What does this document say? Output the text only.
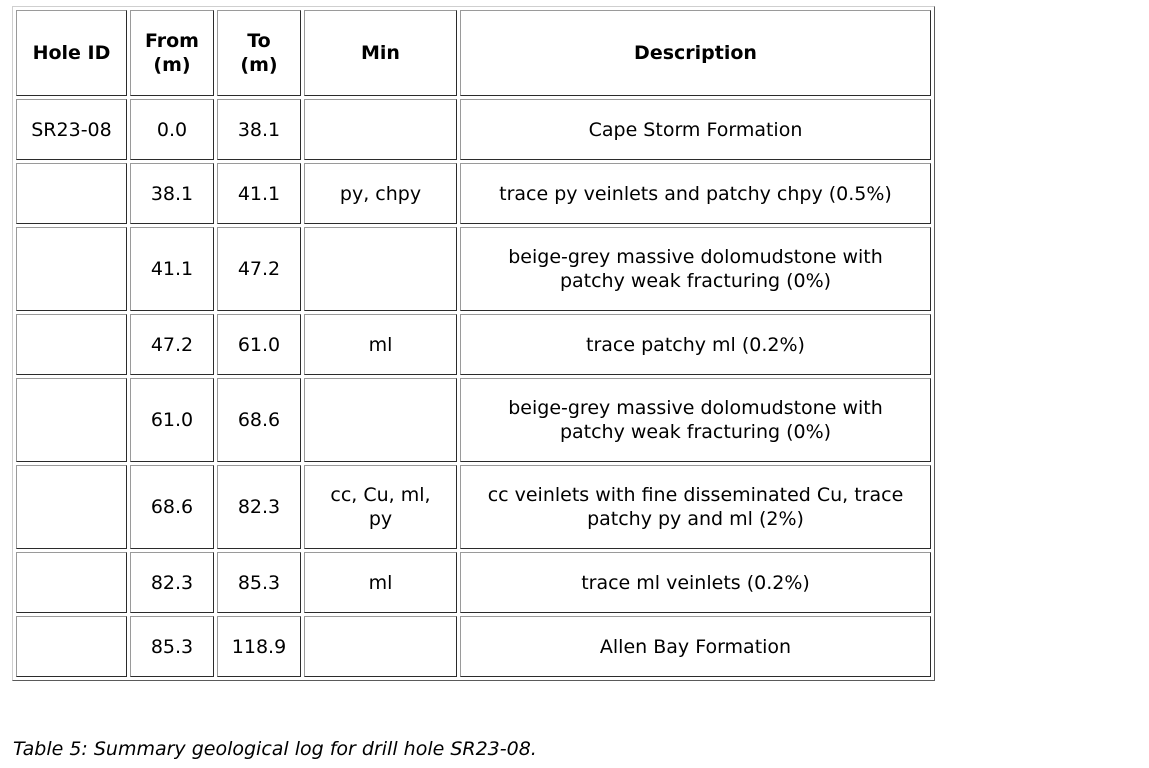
Hole ID	From (m)	To (m)	Min	Description
SR23-08	0.0	38.1		Cape Storm Formation
	38.1	41.1	py, chpy	trace py veinlets and patchy chpy (0.5%)
	41.1	47.2		beige-grey massive dolomudstone with patchy weak fracturing (0%)
	47.2	61.0	ml	trace patchy ml (0.2%)
	61.0	68.6		beige-grey massive dolomudstone with patchy weak fracturing (0%)
	68.6	82.3	cc, Cu, ml, py	cc veinlets with fine disseminated Cu, trace patchy py and ml (2%)
	82.3	85.3	ml	trace ml veinlets (0.2%)
	85.3	118.9		Allen Bay Formation
Table 5: Summary geological log for drill hole SR23-08.
